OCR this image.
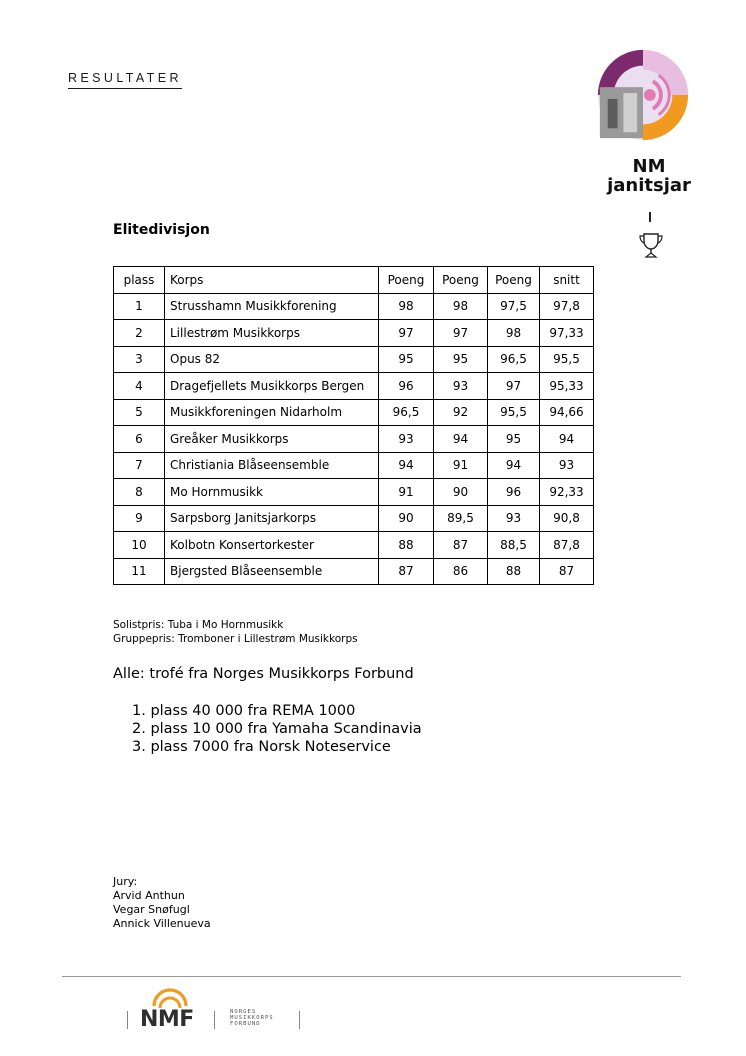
RESULTATER
NM
janitsjar
Elitedivisjon
plass	Korps	Poeng	Poeng	Poeng	snitt
1	Strusshamn Musikkforening	98	98	97,5	97,8
2	Lillestrøm Musikkorps	97	97	98	97,33
3	Opus 82	95	95	96,5	95,5
4	Dragefjellets Musikkorps Bergen	96	93	97	95,33
5	Musikkforeningen Nidarholm	96,5	92	95,5	94,66
6	Greåker Musikkorps	93	94	95	94
7	Christiania Blåseensemble	94	91	94	93
8	Mo Hornmusikk	91	90	96	92,33
9	Sarpsborg Janitsjarkorps	90	89,5	93	90,8
10	Kolbotn Konsertorkester	88	87	88,5	87,8
11	Bjergsted Blåseensemble	87	86	88	87
Solistpris: Tuba i Mo Hornmusikk
Gruppepris: Tromboner i Lillestrøm Musikkorps
Alle: trofé fra Norges Musikkorps Forbund
1. plass 40 000 fra REMA 1000
2. plass 10 000 fra Yamaha Scandinavia
3. plass 7000 fra Norsk Noteservice
Jury:
Arvid Anthun
Vegar Snøfugl
Annick Villenueva
NMF	NORGES
MUSIKKORPS
FORBUND
